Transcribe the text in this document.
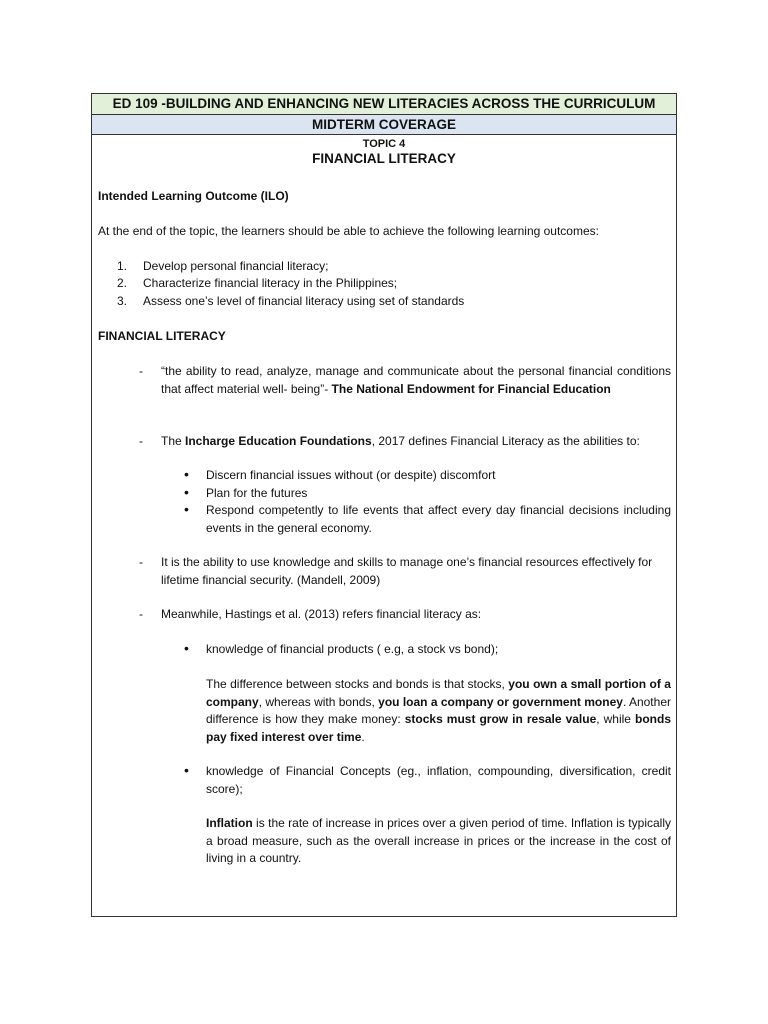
ED 109 -BUILDING AND ENHANCING NEW LITERACIES ACROSS THE CURRICULUM
MIDTERM COVERAGE
TOPIC 4
FINANCIAL LITERACY
Intended Learning Outcome (ILO)
At the end of the topic, the learners should be able to achieve the following learning outcomes:
1. Develop personal financial literacy;
2. Characterize financial literacy in the Philippines;
3. Assess one’s level of financial literacy using set of standards
FINANCIAL LITERACY
- “the ability to read, analyze, manage and communicate about the personal financial conditions that affect material well- being”- The National Endowment for Financial Education
- The Incharge Education Foundations, 2017 defines Financial Literacy as the abilities to:
• Discern financial issues without (or despite) discomfort
• Plan for the futures
• Respond competently to life events that affect every day financial decisions including events in the general economy.
- It is the ability to use knowledge and skills to manage one’s financial resources effectively for lifetime financial security. (Mandell, 2009)
- Meanwhile, Hastings et al. (2013) refers financial literacy as:
• knowledge of financial products ( e.g, a stock vs bond);
The difference between stocks and bonds is that stocks, you own a small portion of a company, whereas with bonds, you loan a company or government money. Another difference is how they make money: stocks must grow in resale value, while bonds pay fixed interest over time.
• knowledge of Financial Concepts (eg., inflation, compounding, diversification, credit score);
Inflation is the rate of increase in prices over a given period of time. Inflation is typically a broad measure, such as the overall increase in prices or the increase in the cost of living in a country.
